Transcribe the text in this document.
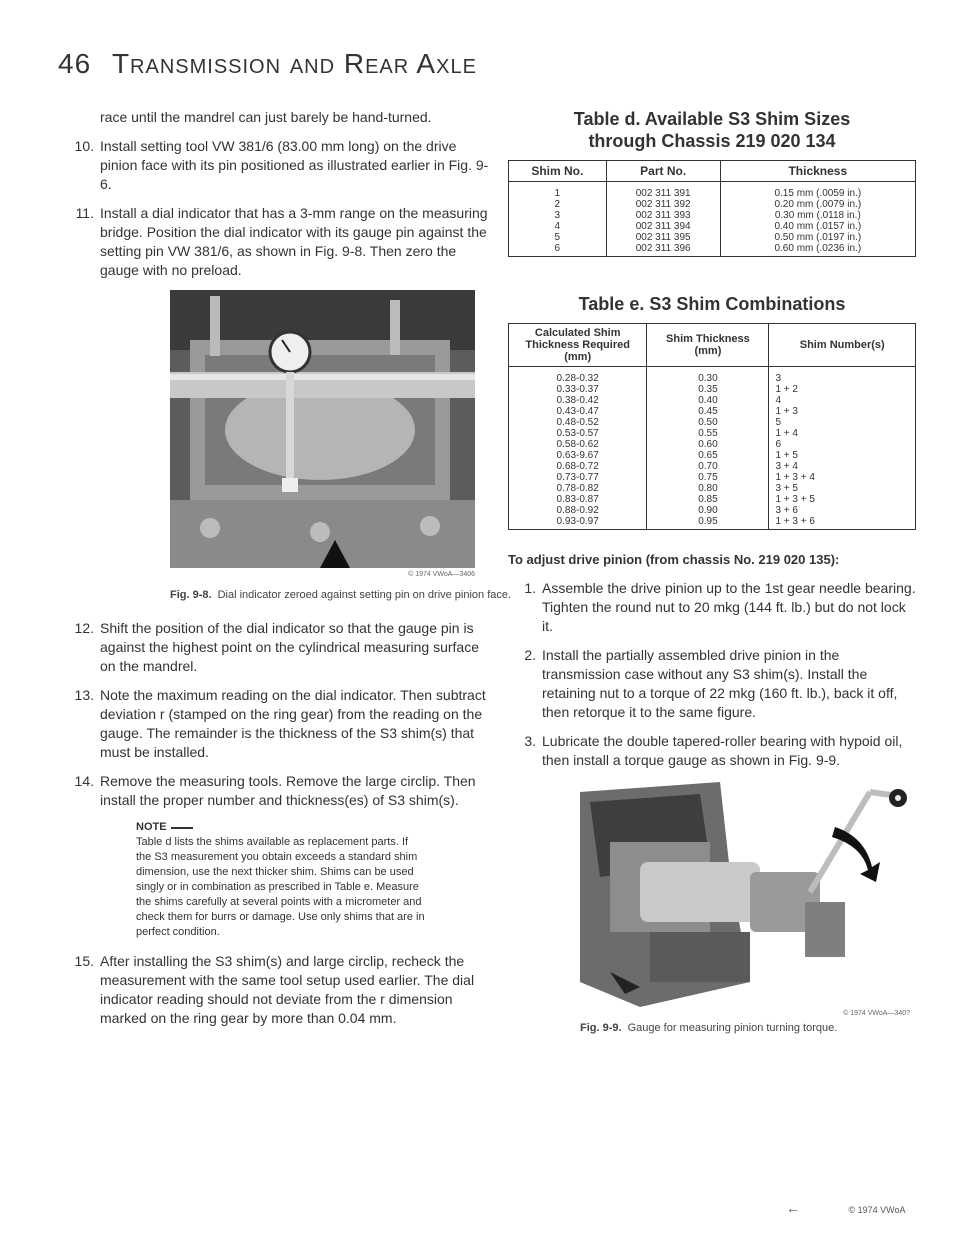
46 Transmission and Rear Axle

race until the mandrel can just barely be hand-turned.

10. Install setting tool VW 381/6 (83.00 mm long) on the drive pinion face with its pin positioned as illustrated earlier in Fig. 9-6.
11. Install a dial indicator that has a 3-mm range on the measuring bridge. Position the dial indicator with its gauge pin against the setting pin VW 381/6, as shown in Fig. 9-8. Then zero the gauge with no preload.
© 1974 VWoA—3406
Fig. 9-8. Dial indicator zeroed against setting pin on drive pinion face.
12. Shift the position of the dial indicator so that the gauge pin is against the highest point on the cylindrical measuring surface on the mandrel.
13. Note the maximum reading on the dial indicator. Then subtract deviation r (stamped on the ring gear) from the reading on the gauge. The remainder is the thickness of the S3 shim(s) that must be installed.
14. Remove the measuring tools. Remove the large circlip. Then install the proper number and thickness(es) of S3 shim(s).
NOTE
Table d lists the shims available as replacement parts. If the S3 measurement you obtain exceeds a standard shim dimension, use the next thicker shim. Shims can be used singly or in combination as prescribed in Table e. Measure the shims carefully at several points with a micrometer and check them for burrs or damage. Use only shims that are in perfect condition.
15. After installing the S3 shim(s) and large circlip, recheck the measurement with the same tool setup used earlier. The dial indicator reading should not deviate from the r dimension marked on the ring gear by more than 0.04 mm.
Table d. Available S3 Shim Sizes
through Chassis 219 020 134
Shim No.	Part No.	Thickness
1	002 311 391	0.15 mm (.0059 in.)
2	002 311 392	0.20 mm (.0079 in.)
3	002 311 393	0.30 mm (.0118 in.)
4	002 311 394	0.40 mm (.0157 in.)
5	002 311 395	0.50 mm (.0197 in.)
6	002 311 396	0.60 mm (.0236 in.)
Table e. S3 Shim Combinations
Calculated Shim Thickness Required (mm)	Shim Thickness (mm)	Shim Number(s)
0.28-0.32	0.30	3
0.33-0.37	0.35	1 + 2
0.38-0.42	0.40	4
0.43-0.47	0.45	1 + 3
0.48-0.52	0.50	5
0.53-0.57	0.55	1 + 4
0.58-0.62	0.60	6
0.63-9.67	0.65	1 + 5
0.68-0.72	0.70	3 + 4
0.73-0.77	0.75	1 + 3 + 4
0.78-0.82	0.80	3 + 5
0.83-0.87	0.85	1 + 3 + 5
0.88-0.92	0.90	3 + 6
0.93-0.97	0.95	1 + 3 + 6
To adjust drive pinion (from chassis No. 219 020 135):
1. Assemble the drive pinion up to the 1st gear needle bearing. Tighten the round nut to 20 mkg (144 ft. lb.) but do not lock it.
2. Install the partially assembled drive pinion in the transmission case without any S3 shim(s). Install the retaining nut to a torque of 22 mkg (160 ft. lb.), back it off, then retorque it to the same figure.
3. Lubricate the double tapered-roller bearing with hypoid oil, then install a torque gauge as shown in Fig. 9-9.
© 1974 VWoA—340?
Fig. 9-9. Gauge for measuring pinion turning torque.
←	© 1974 VWoA
